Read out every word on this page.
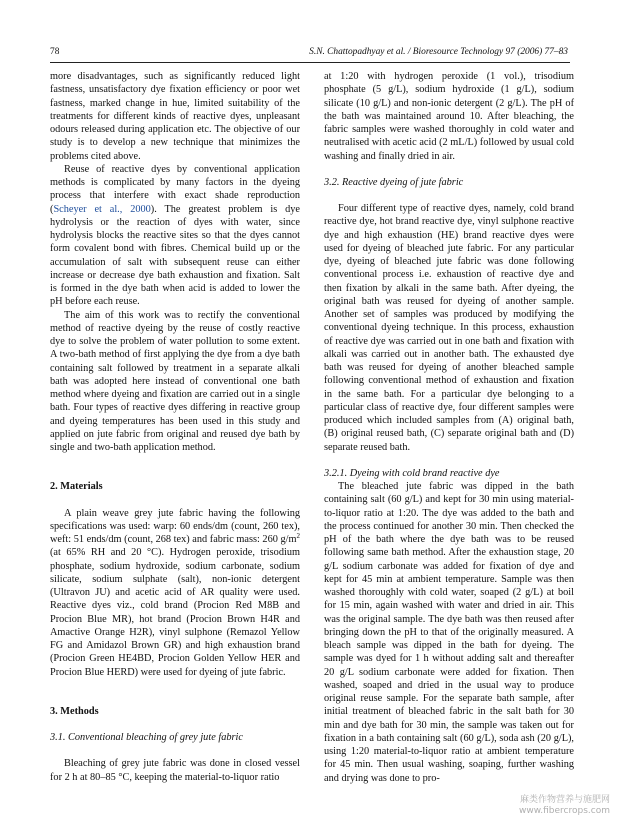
78	S.N. Chattopadhyay et al. / Bioresource Technology 97 (2006) 77–83

more disadvantages, such as significantly reduced light fastness, unsatisfactory dye fixation efficiency or poor wet fastness, marked change in hue, limited suitability of the treatments for different kinds of reactive dyes, unpleasant odours released during application etc. The objective of our study is to develop a new technique that minimizes the problems cited above.

Reuse of reactive dyes by conventional application methods is complicated by many factors in the dyeing process that interfere with exact shade reproduction (Scheyer et al., 2000). The greatest problem is dye hydrolysis or the reaction of dyes with water, since hydrolysis blocks the reactive sites so that the dyes cannot form covalent bond with fibres. Chemical build up or the accumulation of salt with subsequent reuse can either increase or decrease dye bath exhaustion and fixation. Salt is formed in the dye bath when acid is added to lower the pH before each reuse.

The aim of this work was to rectify the conventional method of reactive dyeing by the reuse of costly reactive dye to solve the problem of water pollution to some extent. A two-bath method of first applying the dye from a dye bath containing salt followed by treatment in a separate alkali bath was adopted here instead of conventional one bath method where dyeing and fixation are carried out in a single bath. Four types of reactive dyes differing in reactive group and dyeing temperatures has been used in this study and applied on jute fabric from original and reused dye bath by single and two-bath application method.

2. Materials

A plain weave grey jute fabric having the following specifications was used: warp: 60 ends/dm (count, 260 tex), weft: 51 ends/dm (count, 268 tex) and fabric mass: 260 $g/m^2$ (at 65% RH and 20 °C). Hydrogen peroxide, trisodium phosphate, sodium hydroxide, sodium carbonate, sodium silicate, sodium sulphate (salt), non-ionic detergent (Ultravon JU) and acetic acid of AR quality were used. Reactive dyes viz., cold brand (Procion Red M8B and Procion Blue MR), hot brand (Procion Brown H4R and Amactive Orange H2R), vinyl sulphone (Remazol Yellow FG and Amidazol Brown GR) and high exhaustion brand (Procion Green HE4BD, Procion Golden Yellow HER and Procion Blue HERD) were used for dyeing of jute fabric.

3. Methods
3.1. Conventional bleaching of grey jute fabric

Bleaching of grey jute fabric was done in closed vessel for 2 h at 80–85 °C, keeping the material-to-liquor ratio

at 1:20 with hydrogen peroxide (1 vol.), trisodium phosphate (5 g/L), sodium hydroxide (1 g/L), sodium silicate (10 g/L) and non-ionic detergent (2 g/L). The pH of the bath was maintained around 10. After bleaching, the fabric samples were washed thoroughly in cold water and neutralised with acetic acid (2 mL/L) followed by usual cold washing and finally dried in air.

3.2. Reactive dyeing of jute fabric

Four different type of reactive dyes, namely, cold brand reactive dye, hot brand reactive dye, vinyl sulphone reactive dye and high exhaustion (HE) brand reactive dyes were used for dyeing of bleached jute fabric. For any particular dye, dyeing of bleached jute fabric was done following conventional process i.e. exhaustion of reactive dye and then fixation by alkali in the same bath. After dyeing, the original bath was reused for dyeing of another sample. Another set of samples was produced by modifying the conventional dyeing technique. In this process, exhaustion of reactive dye was carried out in one bath and fixation with alkali was carried out in another bath. The exhausted dye bath was reused for dyeing of another bleached sample following conventional method of exhaustion and fixation in the same bath. For a particular dye belonging to a particular class of reactive dye, four different samples were produced which included samples from (A) original bath, (B) original reused bath, (C) separate original bath and (D) separate reused bath.

3.2.1. Dyeing with cold brand reactive dye

The bleached jute fabric was dipped in the bath containing salt (60 g/L) and kept for 30 min using material-to-liquor ratio at 1:20. The dye was added to the bath and the process continued for another 30 min. Then checked the pH of the bath where the dye bath was to be reused following same bath method. After the exhaustion stage, 20 g/L sodium carbonate was added for fixation of dye and kept for 45 min at ambient temperature. Sample was then washed thoroughly with cold water, soaped (2 g/L) at boil for 15 min, again washed with water and dried in air. This was the original sample. The dye bath was then reused after bringing down the pH to that of the originally measured. A bleach sample was dipped in the bath for dyeing. The sample was dyed for 1 h without adding salt and thereafter 20 g/L sodium carbonate were added for fixation. Then washed, soaped and dried in the usual way to produce original reuse sample. For the separate bath sample, after initial treatment of bleached fabric in the salt bath for 30 min and dye bath for 30 min, the sample was taken out for fixation in a bath containing salt (60 g/L), soda ash (20 g/L), using 1:20 material-to-liquor ratio at ambient temperature for 45 min. Then usual washing, soaping, further washing and drying was done to pro-

麻类作物营养与施肥网
www.fibercrops.com
